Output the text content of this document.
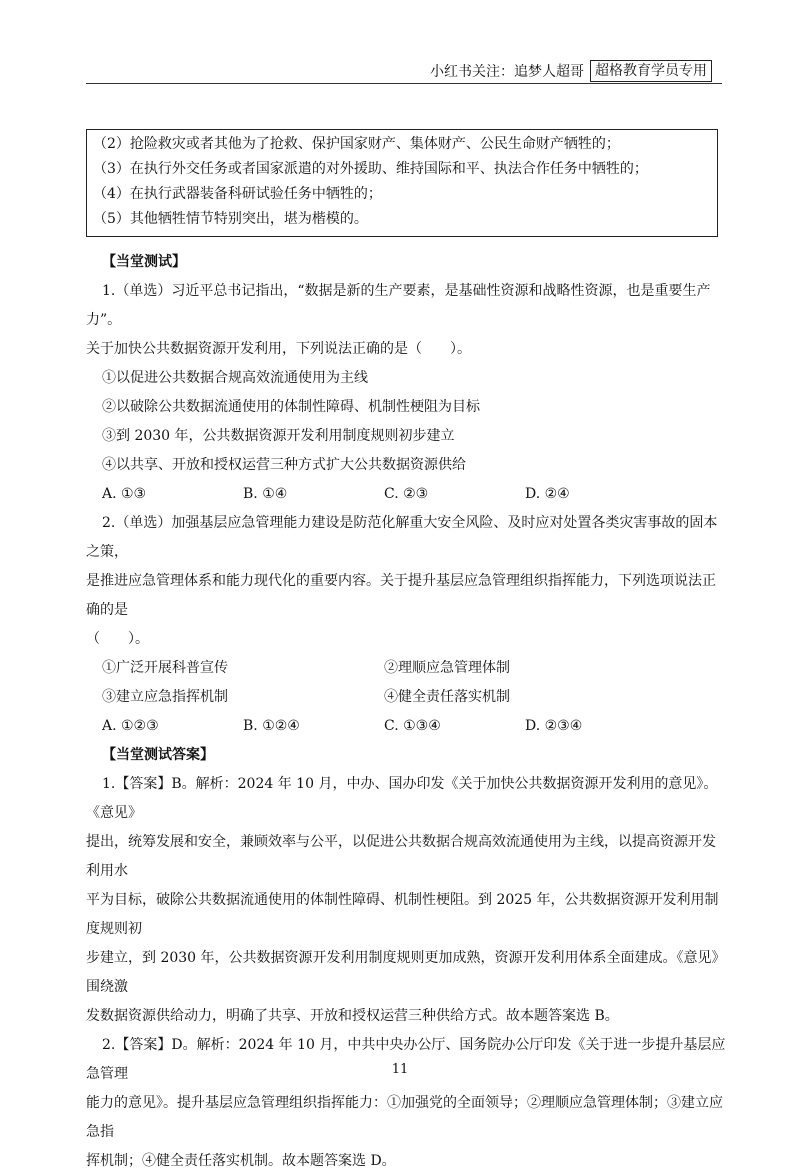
小红书关注：追梦人超哥 超格教育学员专用

（2）抢险救灾或者其他为了抢救、保护国家财产、集体财产、公民生命财产牺牲的；

（3）在执行外交任务或者国家派遣的对外援助、维持国际和平、执法合作任务中牺牲的；

（4）在执行武器装备科研试验任务中牺牲的；

（5）其他牺牲情节特别突出，堪为楷模的。

【当堂测试】

1.（单选）习近平总书记指出，“数据是新的生产要素，是基础性资源和战略性资源，也是重要生产力”。

关于加快公共数据资源开发利用，下列说法正确的是（　　）。

①以促进公共数据合规高效流通使用为主线

②以破除公共数据流通使用的体制性障碍、机制性梗阻为目标

③到 2030 年，公共数据资源开发利用制度规则初步建立

④以共享、开放和授权运营三种方式扩大公共数据资源供给

A. ①③	B. ①④	C. ②③	D. ②④

2.（单选）加强基层应急管理能力建设是防范化解重大安全风险、及时应对处置各类灾害事故的固本之策，

是推进应急管理体系和能力现代化的重要内容。关于提升基层应急管理组织指挥能力，下列选项说法正确的是

（　　）。

①广泛开展科普宣传	②理顺应急管理体制
③建立应急指挥机制	④健全责任落实机制
A. ①②③	B. ①②④	C. ①③④	D. ②③④

【当堂测试答案】

1.【答案】B。解析：2024 年 10 月，中办、国办印发《关于加快公共数据资源开发利用的意见》。《意见》

提出，统筹发展和安全，兼顾效率与公平，以促进公共数据合规高效流通使用为主线，以提高资源开发利用水

平为目标，破除公共数据流通使用的体制性障碍、机制性梗阻。到 2025 年，公共数据资源开发利用制度规则初

步建立，到 2030 年，公共数据资源开发利用制度规则更加成熟，资源开发利用体系全面建成。《意见》围绕激

发数据资源供给动力，明确了共享、开放和授权运营三种供给方式。故本题答案选 B。

2.【答案】D。解析：2024 年 10 月，中共中央办公厅、国务院办公厅印发《关于进一步提升基层应急管理

能力的意见》。提升基层应急管理组织指挥能力：①加强党的全面领导；②理顺应急管理体制；③建立应急指

挥机制；④健全责任落实机制。故本题答案选 D。

11
